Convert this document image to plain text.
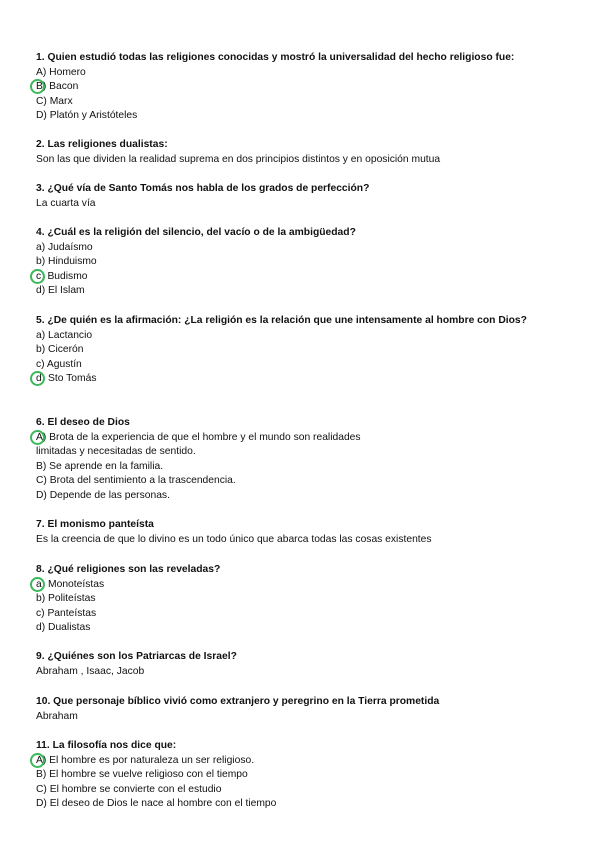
1. Quien estudió todas las religiones conocidas y mostró la universalidad del hecho religioso fue:
A) Homero
B) Bacon
C) Marx
D) Platón y Aristóteles
2. Las religiones dualistas:
Son las que dividen la realidad suprema en dos principios distintos y en oposición mutua
3. ¿Qué vía de Santo Tomás nos habla de los grados de perfección?
La cuarta vía
4. ¿Cuál es la religión del silencio, del vacío o de la ambigüedad?
a) Judaísmo
b) Hinduismo
c) Budismo
d) El Islam
5. ¿De quién es la afirmación: ¿La religión es la relación que une intensamente al hombre con Dios?
a) Lactancio
b) Cicerón
c) Agustín
d) Sto Tomás
6. El deseo de Dios
A) Brota de la experiencia de que el hombre y el mundo son realidades
limitadas y necesitadas de sentido.
B) Se aprende en la familia.
C) Brota del sentimiento a la trascendencia.
D) Depende de las personas.
7. El monismo panteísta
Es la creencia de que lo divino es un todo único que abarca todas las cosas existentes
8. ¿Qué religiones son las reveladas?
a) Monoteístas
b) Politeístas
c) Panteístas
d) Dualistas
9. ¿Quiénes son los Patriarcas de Israel?
Abraham , Isaac, Jacob
10. Que personaje bíblico vivió como extranjero y peregrino en la Tierra prometida
Abraham
11. La filosofía nos dice que:
A) El hombre es por naturaleza un ser religioso.
B) El hombre se vuelve religioso con el tiempo
C) El hombre se convierte con el estudio
D) El deseo de Dios le nace al hombre con el tiempo
